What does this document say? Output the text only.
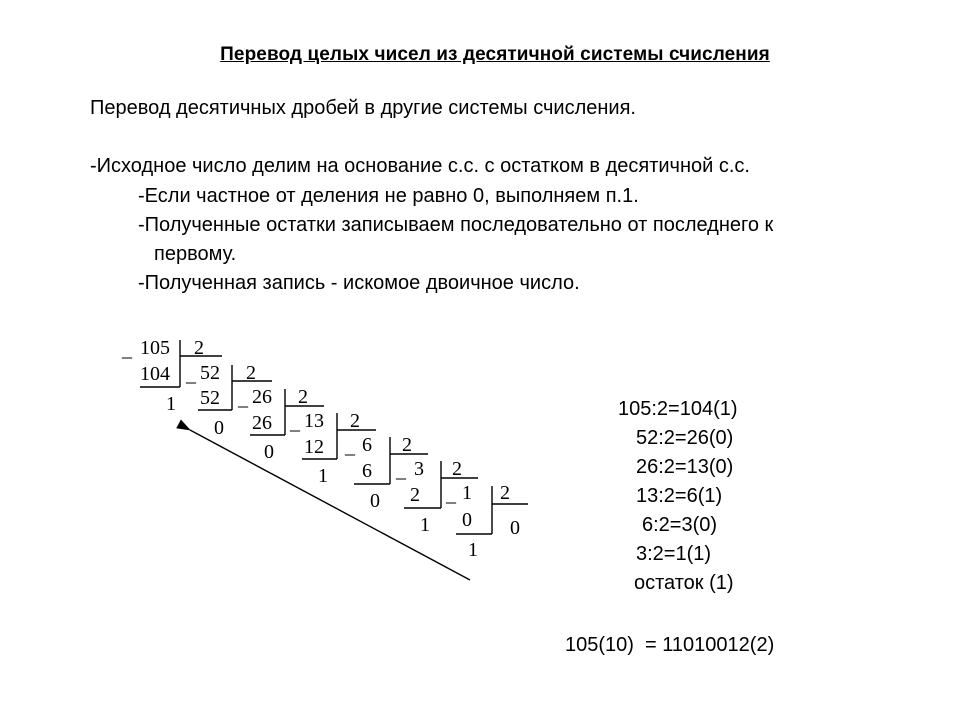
Перевод целых чисел из десятичной системы счисления
Перевод десятичных дробей в другие системы счисления.
-Исходное число делим на основание с.с. с остатком в десятичной с.с.
-Если частное от деления не равно 0, выполняем п.1.
-Полученные остатки записываем последовательно от последнего к
первому.
-Полученная запись - искомое двоичное число.
_ 105 2
104
1
_ 52 2
52
0
_ 26 2
26
0
_ 13 2
12
1
_ 6 2
6
0
_ 3 2
2
1
_ 1 2
0
1
0
105:2=104(1)
52:2=26(0)
26:2=13(0)
13:2=6(1)
6:2=3(0)
3:2=1(1)
остаток (1)
105(10)  = 11010012(2)
